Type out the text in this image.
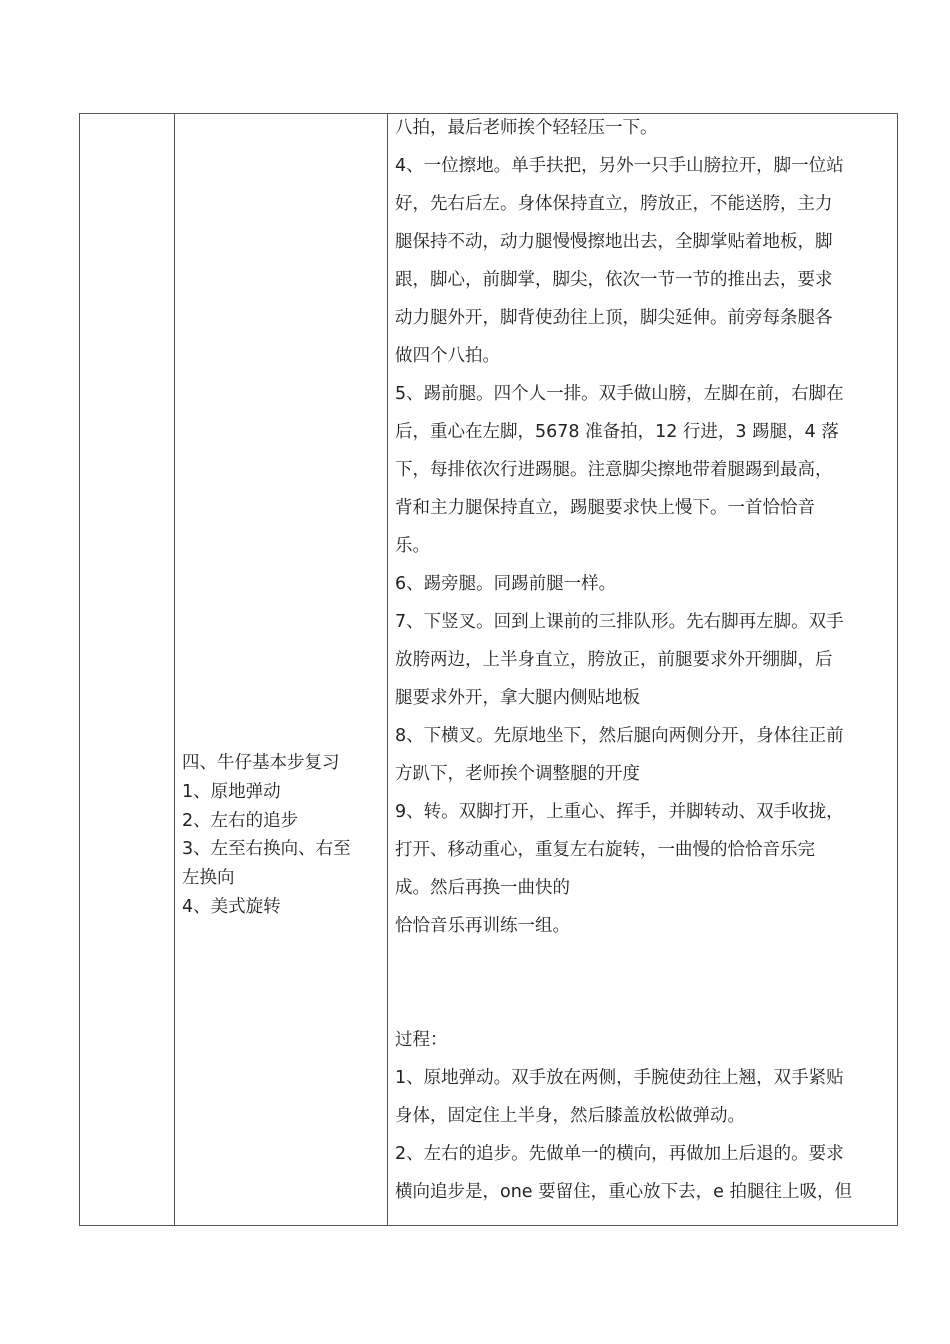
四、牛仔基本步复习
1、原地弹动
2、左右的追步
3、左至右换向、右至
左换向
4、美式旋转
八拍，最后老师挨个轻轻压一下。
4、一位擦地。单手扶把，另外一只手山膀拉开，脚一位站
好，先右后左。身体保持直立，胯放正，不能送胯，主力
腿保持不动，动力腿慢慢擦地出去，全脚掌贴着地板，脚
跟，脚心，前脚掌，脚尖，依次一节一节的推出去，要求
动力腿外开，脚背使劲往上顶，脚尖延伸。前旁每条腿各
做四个八拍。
5、踢前腿。四个人一排。双手做山膀，左脚在前，右脚在
后，重心在左脚，5678 准备拍，12 行进，3 踢腿，4 落
下，每排依次行进踢腿。注意脚尖擦地带着腿踢到最高，
背和主力腿保持直立，踢腿要求快上慢下。一首恰恰音
乐。
6、踢旁腿。同踢前腿一样。
7、下竖叉。回到上课前的三排队形。先右脚再左脚。双手
放胯两边，上半身直立，胯放正，前腿要求外开绷脚，后
腿要求外开，拿大腿内侧贴地板
8、下横叉。先原地坐下，然后腿向两侧分开，身体往正前
方趴下，老师挨个调整腿的开度
9、转。双脚打开，上重心、挥手，并脚转动、双手收拢，
打开、移动重心，重复左右旋转，一曲慢的恰恰音乐完
成。然后再换一曲快的
恰恰音乐再训练一组。
过程：
1、原地弹动。双手放在两侧，手腕使劲往上翘，双手紧贴
身体，固定住上半身，然后膝盖放松做弹动。
2、左右的追步。先做单一的横向，再做加上后退的。要求
横向追步是，one 要留住，重心放下去，e 拍腿往上吸，但
